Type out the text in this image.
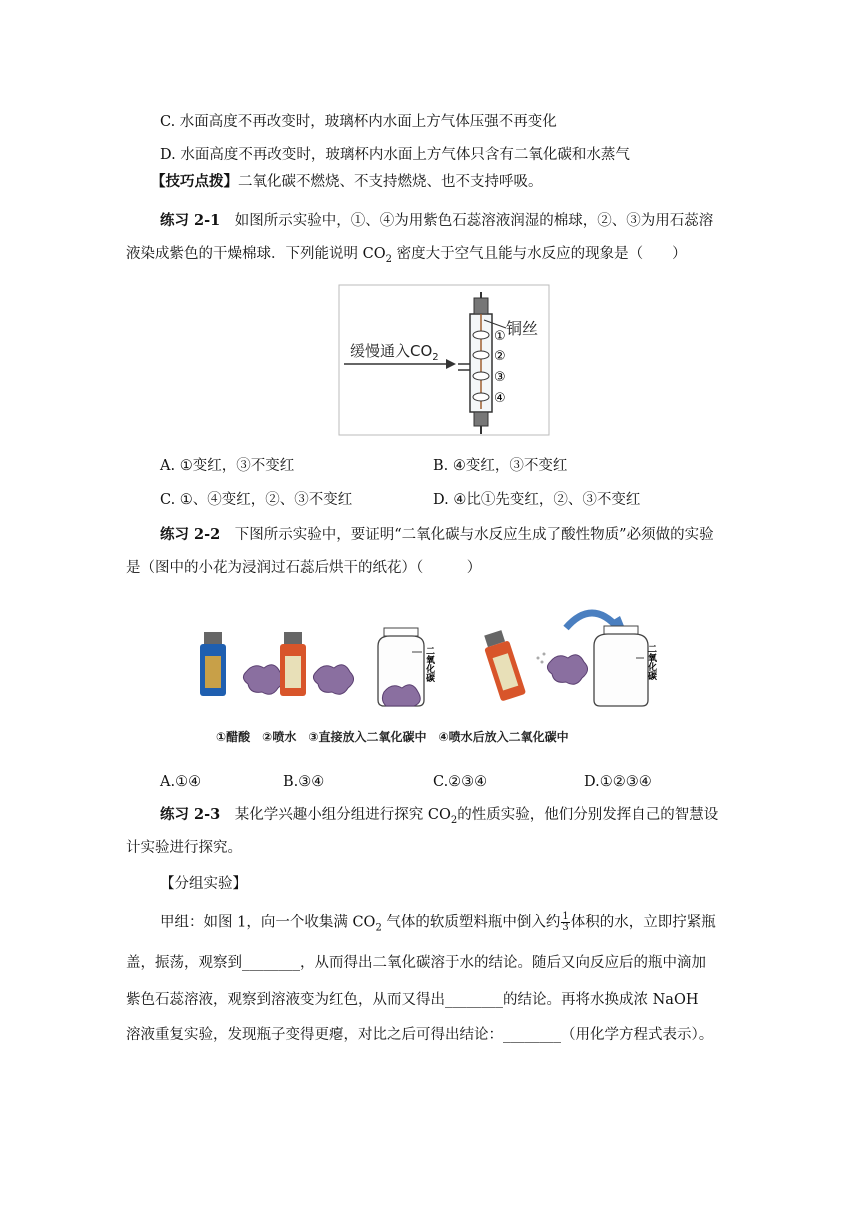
C. 水面高度不再改变时，玻璃杯内水面上方气体压强不再变化
D. 水面高度不再改变时，玻璃杯内水面上方气体只含有二氧化碳和水蒸气
【技巧点拨】二氧化碳不燃烧、不支持燃烧、也不支持呼吸。
练习 2-1　 如图所示实验中，①、④为用紫色石蕊溶液润湿的棉球，②、③为用石蕊溶
液染成紫色的干燥棉球．下列能说明 $CO_2$ 密度大于空气且能与水反应的现象是（　　）
缓慢通入$CO_2$
铜丝
①
②
③
④
A. ①变红，③不变红	B. ④变红，③不变红
C. ①、④变红，②、③不变红	D. ④比①先变红，②、③不变红
练习 2-2　 下图所示实验中，要证明“二氧化碳与水反应生成了酸性物质”必须做的实验
是（图中的小花为浸润过石蕊后烘干的纸花）（　　　）
二氧化碳	二氧化碳
①醋酸　②喷水　③直接放入二氧化碳中　④喷水后放入二氧化碳中
A.①④	B.③④	C.②③④	D.①②③④
练习 2-3　 某化学兴趣小组分组进行探究 $CO_2$的性质实验，他们分别发挥自己的智慧设
计实验进行探究。
【分组实验】
甲组：如图 1，向一个收集满 $CO_2$ 气体的软质塑料瓶中倒入约 $\frac{1}{3}$ 体积的水，立即拧紧瓶
盖，振荡，观察到________，从而得出二氧化碳溶于水的结论。随后又向反应后的瓶中滴加
紫色石蕊溶液，观察到溶液变为红色，从而又得出________的结论。再将水换成浓 NaOH
溶液重复实验，发现瓶子变得更瘪，对比之后可得出结论：________（用化学方程式表示）。
